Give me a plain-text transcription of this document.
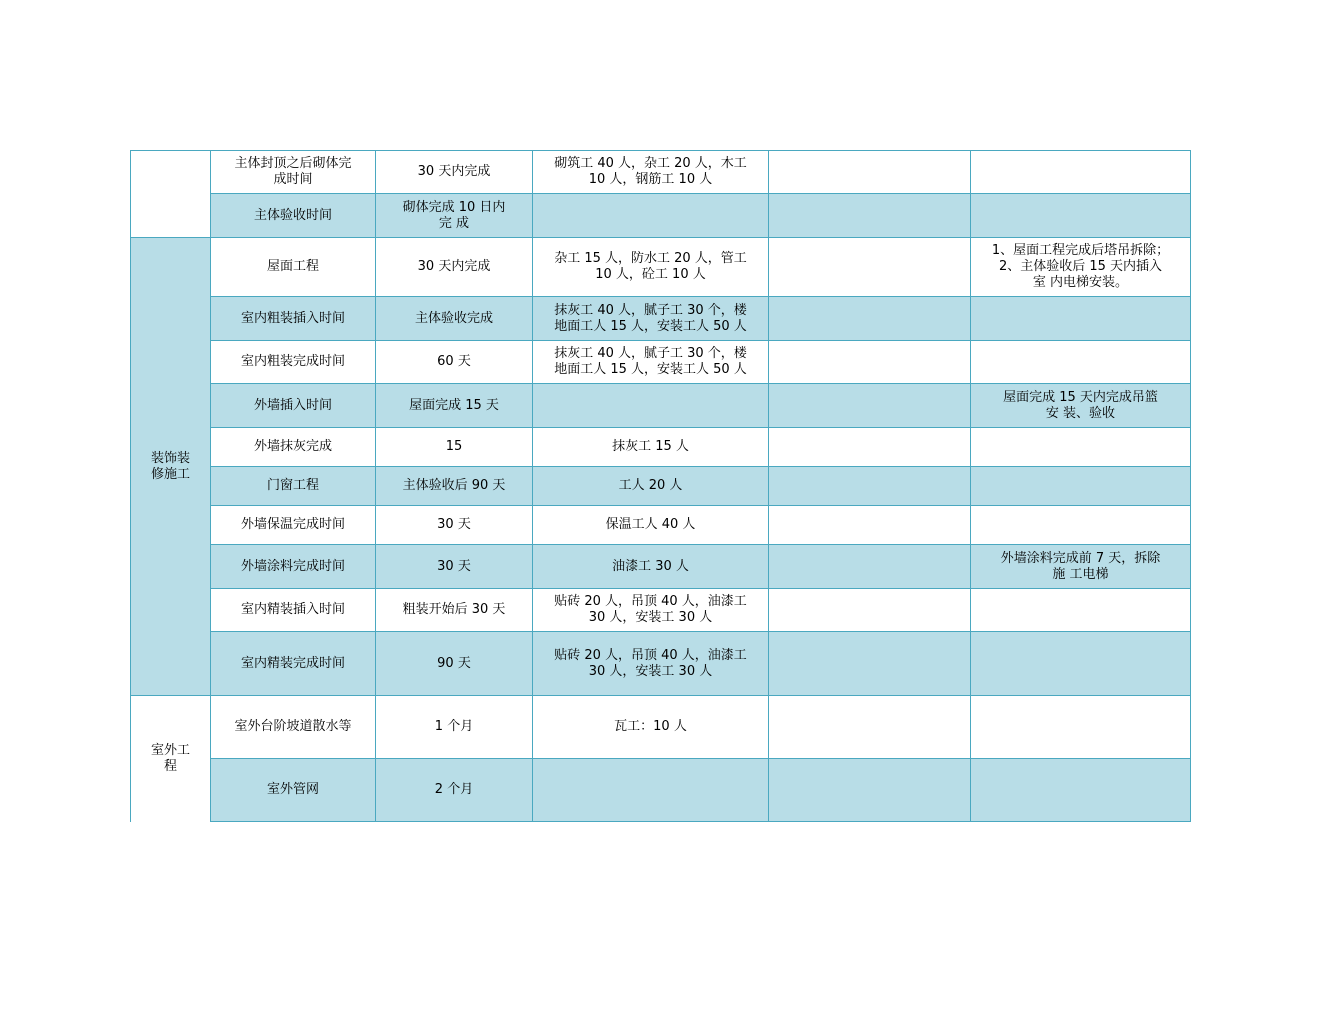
	主体封顶之后砌体完
成时间	30 天内完成	砌筑工 40 人，杂工 20 人，木工
10 人，钢筋工 10 人		
	主体验收时间	砌体完成 10 日内
完 成			
装饰装
修施工	屋面工程	30 天内完成	杂工 15 人，防水工 20 人，管工
10 人，砼工 10 人		1、屋面工程完成后塔吊拆除；
2、主体验收后 15 天内插入
室 内电梯安装。
	室内粗装插入时间	主体验收完成	抹灰工 40 人，腻子工 30 个，楼
地面工人 15 人，安装工人 50 人		
	室内粗装完成时间	60 天	抹灰工 40 人，腻子工 30 个，楼
地面工人 15 人，安装工人 50 人		
	外墙插入时间	屋面完成 15 天			屋面完成 15 天内完成吊篮
安 装、验收
	外墙抹灰完成	15	抹灰工 15 人		
	门窗工程	主体验收后 90 天	工人 20 人		
	外墙保温完成时间	30 天	保温工人 40 人		
	外墙涂料完成时间	30 天	油漆工 30 人		外墙涂料完成前 7 天，拆除
施 工电梯
	室内精装插入时间	粗装开始后 30 天	贴砖 20 人，吊顶 40 人，油漆工
30 人，安装工 30 人		
	室内精装完成时间	90 天	贴砖 20 人，吊顶 40 人，油漆工
30 人，安装工 30 人		
室外工
程	室外台阶坡道散水等	1 个月	瓦工：10 人		
	室外管网	2 个月			
